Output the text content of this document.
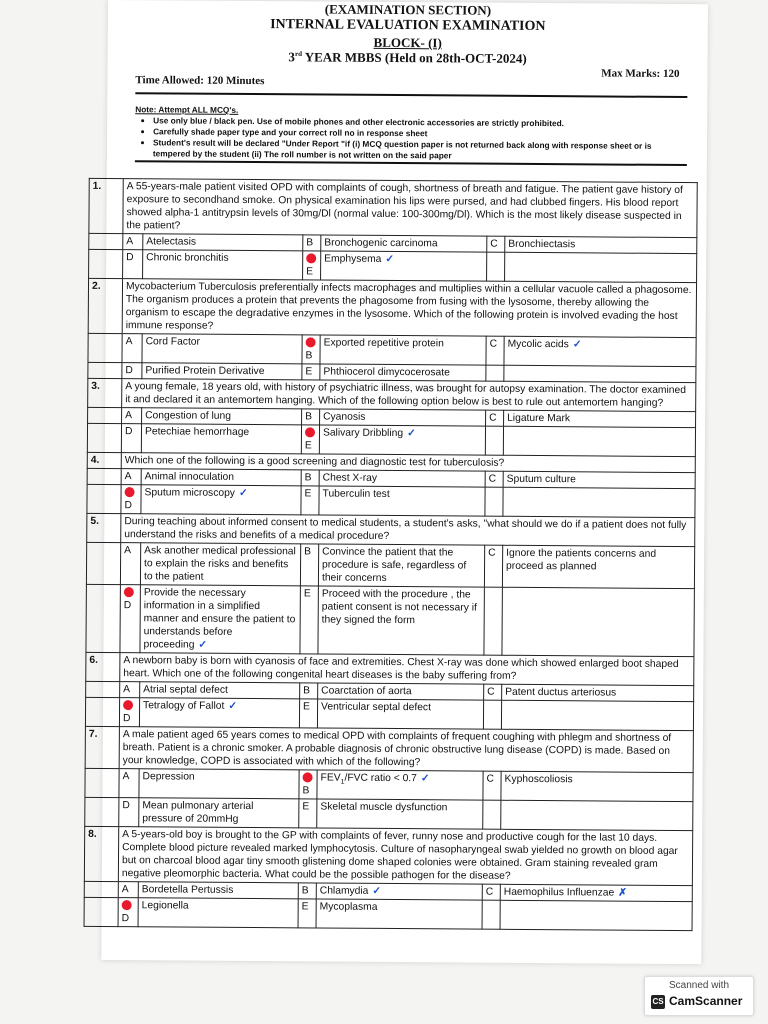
(EXAMINATION SECTION)
INTERNAL EVALUATION EXAMINATION
BLOCK- (I)
3rd YEAR MBBS (Held on 28th-OCT-2024)
Time Allowed: 120 Minutes
Max Marks: 120
Note: Attempt ALL MCQ's.
• Use only blue / black pen. Use of mobile phones and other electronic accessories are strictly prohibited.
• Carefully shade paper type and your correct roll no in response sheet
• Student's result will be declared "Under Report "if (i) MCQ question paper is not returned back along with response sheet or is tempered by the student (ii) The roll number is not written on the said paper
1.	A 55-years-male patient visited OPD with complaints of cough, shortness of breath and fatigue. The patient gave history of exposure to secondhand smoke. On physical examination his lips were pursed, and had clubbed fingers. His blood report showed alpha-1 antitrypsin levels of 30mg/Dl (normal value: 100-300mg/Dl). Which is the most likely disease suspected in the patient?					
	A	Atelectasis	B	Bronchogenic carcinoma	C	Bronchiectasis
	D	Chronic bronchitis	E	Emphysema ✓		
2.	Mycobacterium Tuberculosis preferentially infects macrophages and multiplies within a cellular vacuole called a phagosome. The organism produces a protein that prevents the phagosome from fusing with the lysosome, thereby allowing the organism to escape the degradative enzymes in the lysosome. Which of the following protein is involved evading the host immune response?					
	A	Cord Factor	B	Exported repetitive protein	C	Mycolic acids ✓
	D	Purified Protein Derivative	E	Phthiocerol dimycocerosate		
3.	A young female, 18 years old, with history of psychiatric illness, was brought for autopsy examination. The doctor examined it and declared it an antemortem hanging. Which of the following option below is best to rule out antemortem hanging?					
	A	Congestion of lung	B	Cyanosis	C	Ligature Mark
	D	Petechiae hemorrhage	E	Salivary Dribbling ✓		
4.	Which one of the following is a good screening and diagnostic test for tuberculosis?					
	A	Animal innoculation	B	Chest X-ray	C	Sputum culture
	D	Sputum microscopy ✓	E	Tuberculin test		
5.	During teaching about informed consent to medical students, a student's asks, "what should we do if a patient does not fully understand the risks and benefits of a medical procedure?					
	A	Ask another medical professional to explain the risks and benefits to the patient	B	Convince the patient that the procedure is safe, regardless of their concerns	C	Ignore the patients concerns and proceed as planned
	D	Provide the necessary information in a simplified manner and ensure the patient to understands before proceeding ✓	E	Proceed with the procedure , the patient consent is not necessary if they signed the form		
6.	A newborn baby is born with cyanosis of face and extremities. Chest X-ray was done which showed enlarged boot shaped heart. Which one of the following congenital heart diseases is the baby suffering from?					
	A	Atrial septal defect	B	Coarctation of aorta	C	Patent ductus arteriosus
	D	Tetralogy of Fallot ✓	E	Ventricular septal defect		
7.	A male patient aged 65 years comes to medical OPD with complaints of frequent coughing with phlegm and shortness of breath. Patient is a chronic smoker. A probable diagnosis of chronic obstructive lung disease (COPD) is made. Based on your knowledge, COPD is associated with which of the following?					
	A	Depression	B	$FEV_1$/FVC ratio < 0.7 ✓	C	Kyphoscoliosis
	D	Mean pulmonary arterial pressure of 20mmHg	E	Skeletal muscle dysfunction		
8.	A 5-years-old boy is brought to the GP with complaints of fever, runny nose and productive cough for the last 10 days. Complete blood picture revealed marked lymphocytosis. Culture of nasopharyngeal swab yielded no growth on blood agar but on charcoal blood agar tiny smooth glistening dome shaped colonies were obtained. Gram staining revealed gram negative pleomorphic bacteria. What could be the possible pathogen for the disease?					
	A	Bordetella Pertussis	B	Chlamydia ✓	C	Haemophilus Influenzae ✗
	D	Legionella	E	Mycoplasma		
Scanned with
CS CamScanner
